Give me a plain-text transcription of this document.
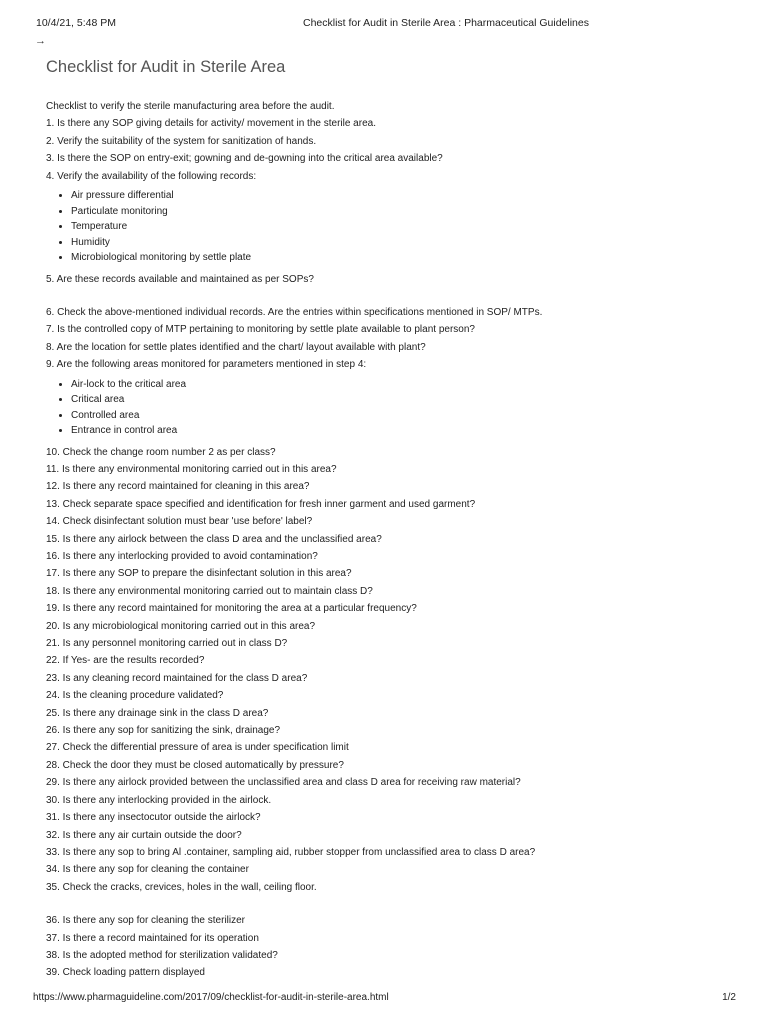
10/4/21, 5:48 PM	Checklist for Audit in Sterile Area : Pharmaceutical Guidelines
→
Checklist for Audit in Sterile Area
Checklist to verify the sterile manufacturing area before the audit.
1. Is there any SOP giving details for activity/ movement in the sterile area.
2. Verify the suitability of the system for sanitization of hands.
3. Is there the SOP on entry-exit; gowning and de-gowning into the critical area available?
4. Verify the availability of the following records:
• Air pressure differential
• Particulate monitoring
• Temperature
• Humidity
• Microbiological monitoring by settle plate
5. Are these records available and maintained as per SOPs?
6. Check the above-mentioned individual records. Are the entries within specifications mentioned in SOP/ MTPs.
7. Is the controlled copy of MTP pertaining to monitoring by settle plate available to plant person?
8. Are the location for settle plates identified and the chart/ layout available with plant?
9. Are the following areas monitored for parameters mentioned in step 4:
• Air-lock to the critical area
• Critical area
• Controlled area
• Entrance in control area
10. Check the change room number 2 as per class?
11. Is there any environmental monitoring carried out in this area?
12. Is there any record maintained for cleaning in this area?
13. Check separate space specified and identification for fresh inner garment and used garment?
14. Check disinfectant solution must bear 'use before' label?
15. Is there any airlock between the class D area and the unclassified area?
16. Is there any interlocking provided to avoid contamination?
17. Is there any SOP to prepare the disinfectant solution in this area?
18. Is there any environmental monitoring carried out to maintain class D?
19. Is there any record maintained for monitoring the area at a particular frequency?
20. Is any microbiological monitoring carried out in this area?
21. Is any personnel monitoring carried out in class D?
22. If Yes- are the results recorded?
23. Is any cleaning record maintained for the class D area?
24. Is the cleaning procedure validated?
25. Is there any drainage sink in the class D area?
26. Is there any sop for sanitizing the sink, drainage?
27. Check the differential pressure of area is under specification limit
28. Check the door they must be closed automatically by pressure?
29. Is there any airlock provided between the unclassified area and class D area for receiving raw material?
30. Is there any interlocking provided in the airlock.
31. Is there any insectocutor outside the airlock?
32. Is there any air curtain outside the door?
33. Is there any sop to bring Al .container, sampling aid, rubber stopper from unclassified area to class D area?
34. Is there any sop for cleaning the container
35. Check the cracks, crevices, holes in the wall, ceiling floor.
36. Is there any sop for cleaning the sterilizer
37. Is there a record maintained for its operation
38. Is the adopted method for sterilization validated?
39. Check loading pattern displayed
https://www.pharmaguideline.com/2017/09/checklist-for-audit-in-sterile-area.html	1/2
